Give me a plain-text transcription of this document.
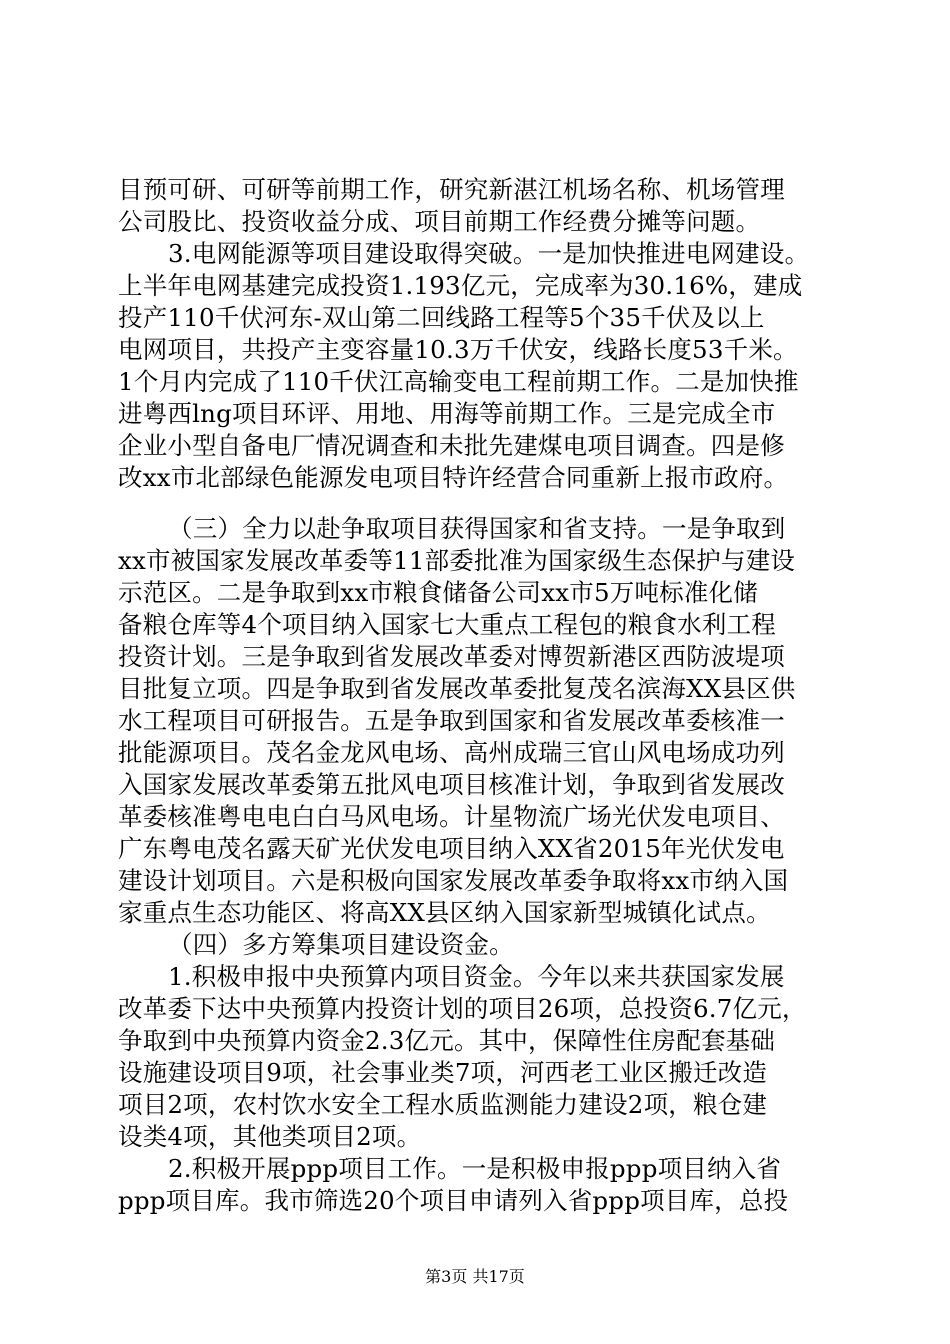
目预可研、可研等前期工作，研究新湛江机场名称、机场管理
公司股比、投资收益分成、项目前期工作经费分摊等问题。
3.电网能源等项目建设取得突破。一是加快推进电网建设。
上半年电网基建完成投资1.193亿元，完成率为30.16%，建成
投产110千伏河东-双山第二回线路工程等5个35千伏及以上
电网项目，共投产主变容量10.3万千伏安，线路长度53千米。
1个月内完成了110千伏江高输变电工程前期工作。二是加快推
进粤西lng项目环评、用地、用海等前期工作。三是完成全市
企业小型自备电厂情况调查和未批先建煤电项目调查。四是修
改xx市北部绿色能源发电项目特许经营合同重新上报市政府。
（三）全力以赴争取项目获得国家和省支持。一是争取到
xx市被国家发展改革委等11部委批准为国家级生态保护与建设
示范区。二是争取到xx市粮食储备公司xx市5万吨标准化储
备粮仓库等4个项目纳入国家七大重点工程包的粮食水利工程
投资计划。三是争取到省发展改革委对博贺新港区西防波堤项
目批复立项。四是争取到省发展改革委批复茂名滨海XX县区供
水工程项目可研报告。五是争取到国家和省发展改革委核准一
批能源项目。茂名金龙风电场、高州成瑞三官山风电场成功列
入国家发展改革委第五批风电项目核准计划，争取到省发展改
革委核准粤电电白白马风电场。计星物流广场光伏发电项目、
广东粤电茂名露天矿光伏发电项目纳入XX省2015年光伏发电
建设计划项目。六是积极向国家发展改革委争取将xx市纳入国
家重点生态功能区、将高XX县区纳入国家新型城镇化试点。
（四）多方筹集项目建设资金。
1.积极申报中央预算内项目资金。今年以来共获国家发展
改革委下达中央预算内投资计划的项目26项，总投资6.7亿元，
争取到中央预算内资金2.3亿元。其中，保障性住房配套基础
设施建设项目9项，社会事业类7项，河西老工业区搬迁改造
项目2项，农村饮水安全工程水质监测能力建设2项，粮仓建
设类4项，其他类项目2项。
2.积极开展ppp项目工作。一是积极申报ppp项目纳入省
ppp项目库。我市筛选20个项目申请列入省ppp项目库，总投
第3页 共17页
